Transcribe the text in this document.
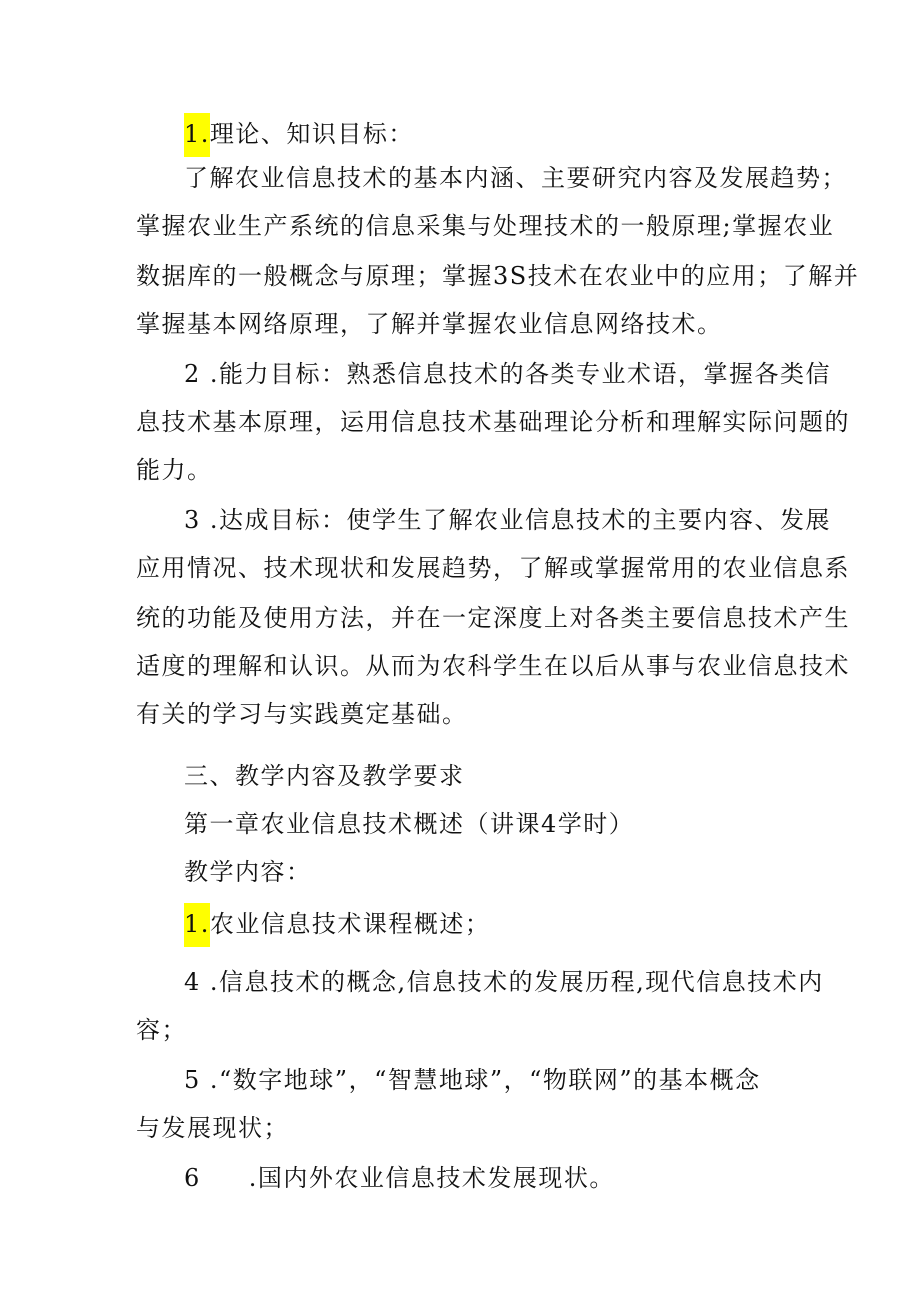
1.理论、知识目标：
了解农业信息技术的基本内涵、主要研究内容及发展趋势；
掌握农业生产系统的信息采集与处理技术的一般原理;掌握农业
数据库的一般概念与原理；掌握3S技术在农业中的应用；了解并
掌握基本网络原理，了解并掌握农业信息网络技术。
2 .能力目标：熟悉信息技术的各类专业术语，掌握各类信
息技术基本原理，运用信息技术基础理论分析和理解实际问题的
能力。
3 .达成目标：使学生了解农业信息技术的主要内容、发展
应用情况、技术现状和发展趋势，了解或掌握常用的农业信息系
统的功能及使用方法，并在一定深度上对各类主要信息技术产生
适度的理解和认识。从而为农科学生在以后从事与农业信息技术
有关的学习与实践奠定基础。
三、教学内容及教学要求
第一章农业信息技术概述（讲课4学时）
教学内容：
1.农业信息技术课程概述；
4 .信息技术的概念,信息技术的发展历程,现代信息技术内
容；
5 .“数字地球”，“智慧地球”，“物联网”的基本概念
与发展现状；
6 .国内外农业信息技术发展现状。
